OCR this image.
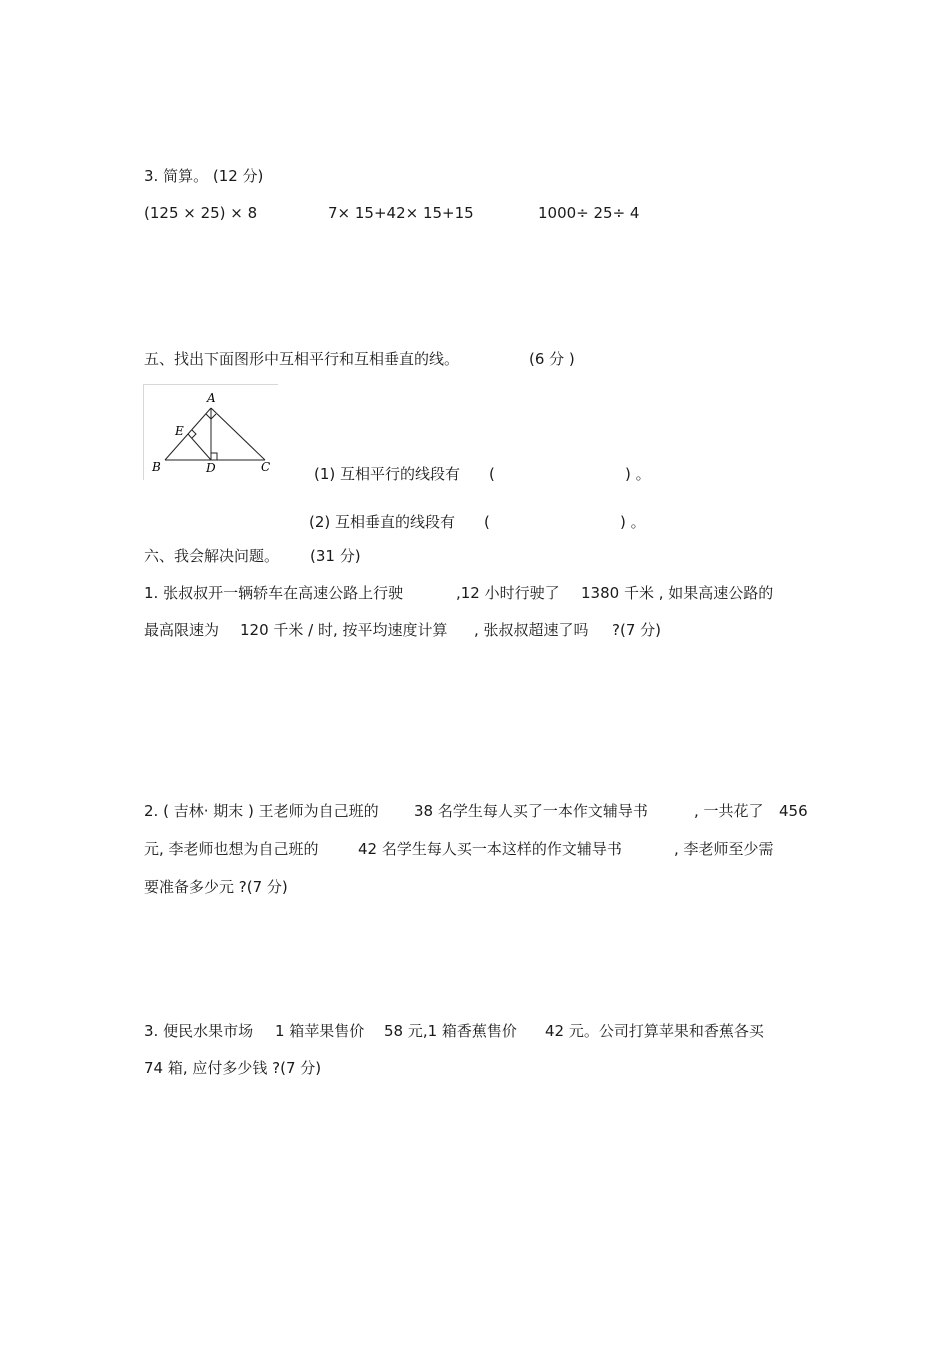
3. 简算。 (12 分)
(125 × 25) × 8	7× 15+42× 15+15	1000÷ 25÷ 4
五、找出下面图形中互相平行和互相垂直的线。	(6 分 )
A
E
B	D	C	(1) 互相平行的线段有 (	) 。
(2) 互相垂直的线段有 (	) 。
六、我会解决问题。 (31 分)
1. 张叔叔开一辆轿车在高速公路上行驶	,12 小时行驶了 1380 千米 , 如果高速公路的
最高限速为 120 千米 / 时, 按平均速度计算 , 张叔叔超速了吗 ?(7 分)
2. ( 吉林· 期末 ) 王老师为自己班的 38 名学生每人买了一本作文辅导书	, 一共花了 456
元, 李老师也想为自己班的	42 名学生每人买一本这样的作文辅导书	, 李老师至少需
要准备多少元 ?(7 分)
3. 便民水果市场 1 箱苹果售价 58 元,1 箱香蕉售价 42 元。公司打算苹果和香蕉各买
74 箱, 应付多少钱 ?(7 分)
